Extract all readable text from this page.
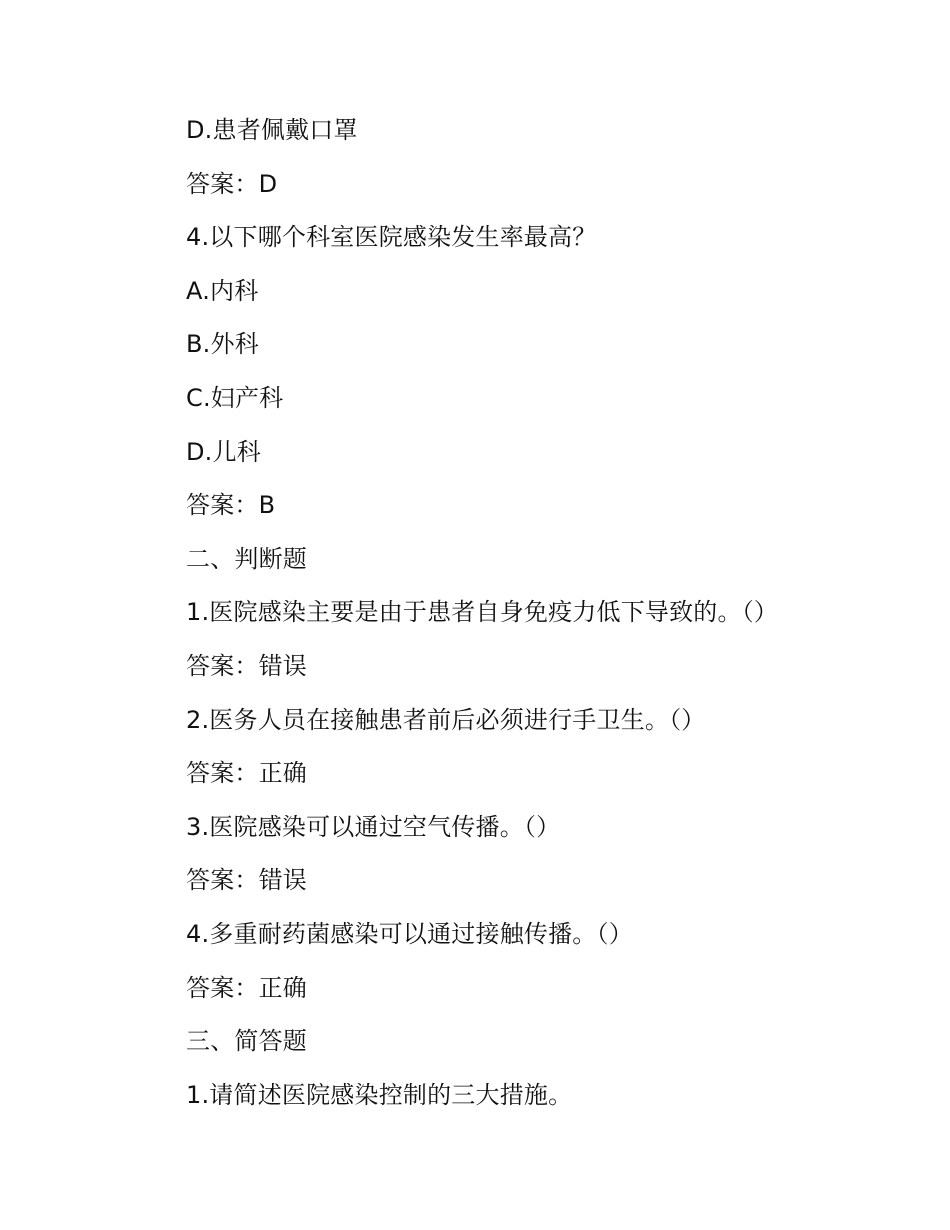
D.患者佩戴口罩
答案：D
4.以下哪个科室医院感染发生率最高？
A.内科
B.外科
C.妇产科
D.儿科
答案：B
二、判断题
1.医院感染主要是由于患者自身免疫力低下导致的。（）
答案：错误
2.医务人员在接触患者前后必须进行手卫生。（）
答案：正确
3.医院感染可以通过空气传播。（）
答案：错误
4.多重耐药菌感染可以通过接触传播。（）
答案：正确
三、简答题
1.请简述医院感染控制的三大措施。
